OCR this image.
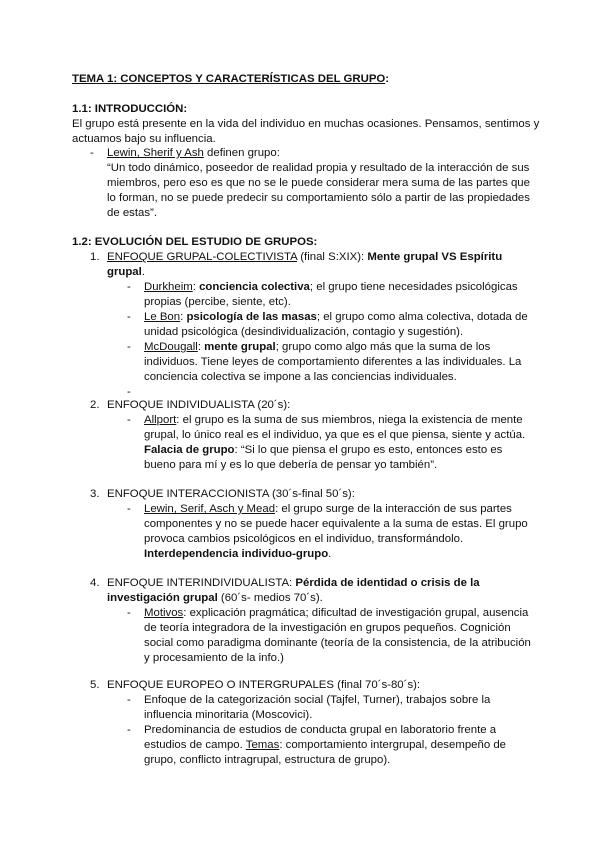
TEMA 1: CONCEPTOS Y CARACTERÍSTICAS DEL GRUPO:
1.1: INTRODUCCIÓN:
El grupo está presente en la vida del individuo en muchas ocasiones. Pensamos, sentimos y
actuamos bajo su influencia.
- Lewin, Sherif y Ash definen grupo:
“Un todo dinámico, poseedor de realidad propia y resultado de la interacción de sus
miembros, pero eso es que no se le puede considerar mera suma de las partes que
lo forman, no se puede predecir su comportamiento sólo a partir de las propiedades
de estas”.
1.2: EVOLUCIÓN DEL ESTUDIO DE GRUPOS:
1. ENFOQUE GRUPAL-COLECTIVISTA (final S:XIX): Mente grupal VS Espíritu
grupal.
- Durkheim: conciencia colectiva; el grupo tiene necesidades psicológicas
propias (percibe, siente, etc).
- Le Bon: psicología de las masas; el grupo como alma colectiva, dotada de
unidad psicológica (desindividualización, contagio y sugestión).
- McDougall: mente grupal; grupo como algo más que la suma de los
individuos. Tiene leyes de comportamiento diferentes a las individuales. La
conciencia colectiva se impone a las conciencias individuales.
-
2. ENFOQUE INDIVIDUALISTA (20´s):
- Allport: el grupo es la suma de sus miembros, niega la existencia de mente
grupal, lo único real es el individuo, ya que es el que piensa, siente y actúa.
Falacia de grupo: “Si lo que piensa el grupo es esto, entonces esto es
bueno para mí y es lo que debería de pensar yo también”.
3. ENFOQUE INTERACCIONISTA (30´s-final 50´s):
- Lewin, Serif, Asch y Mead: el grupo surge de la interacción de sus partes
componentes y no se puede hacer equivalente a la suma de estas. El grupo
provoca cambios psicológicos en el individuo, transformándolo.
Interdependencia individuo-grupo.
4. ENFOQUE INTERINDIVIDUALISTA: Pérdida de identidad o crisis de la
investigación grupal (60´s- medios 70´s).
- Motivos: explicación pragmática; dificultad de investigación grupal, ausencia
de teoría integradora de la investigación en grupos pequeños. Cognición
social como paradigma dominante (teoría de la consistencia, de la atribución
y procesamiento de la info.)
5. ENFOQUE EUROPEO O INTERGRUPALES (final 70´s-80´s):
- Enfoque de la categorización social (Tajfel, Turner), trabajos sobre la
influencia minoritaria (Moscovici).
- Predominancia de estudios de conducta grupal en laboratorio frente a
estudios de campo. Temas: comportamiento intergrupal, desempeño de
grupo, conflicto intragrupal, estructura de grupo).
